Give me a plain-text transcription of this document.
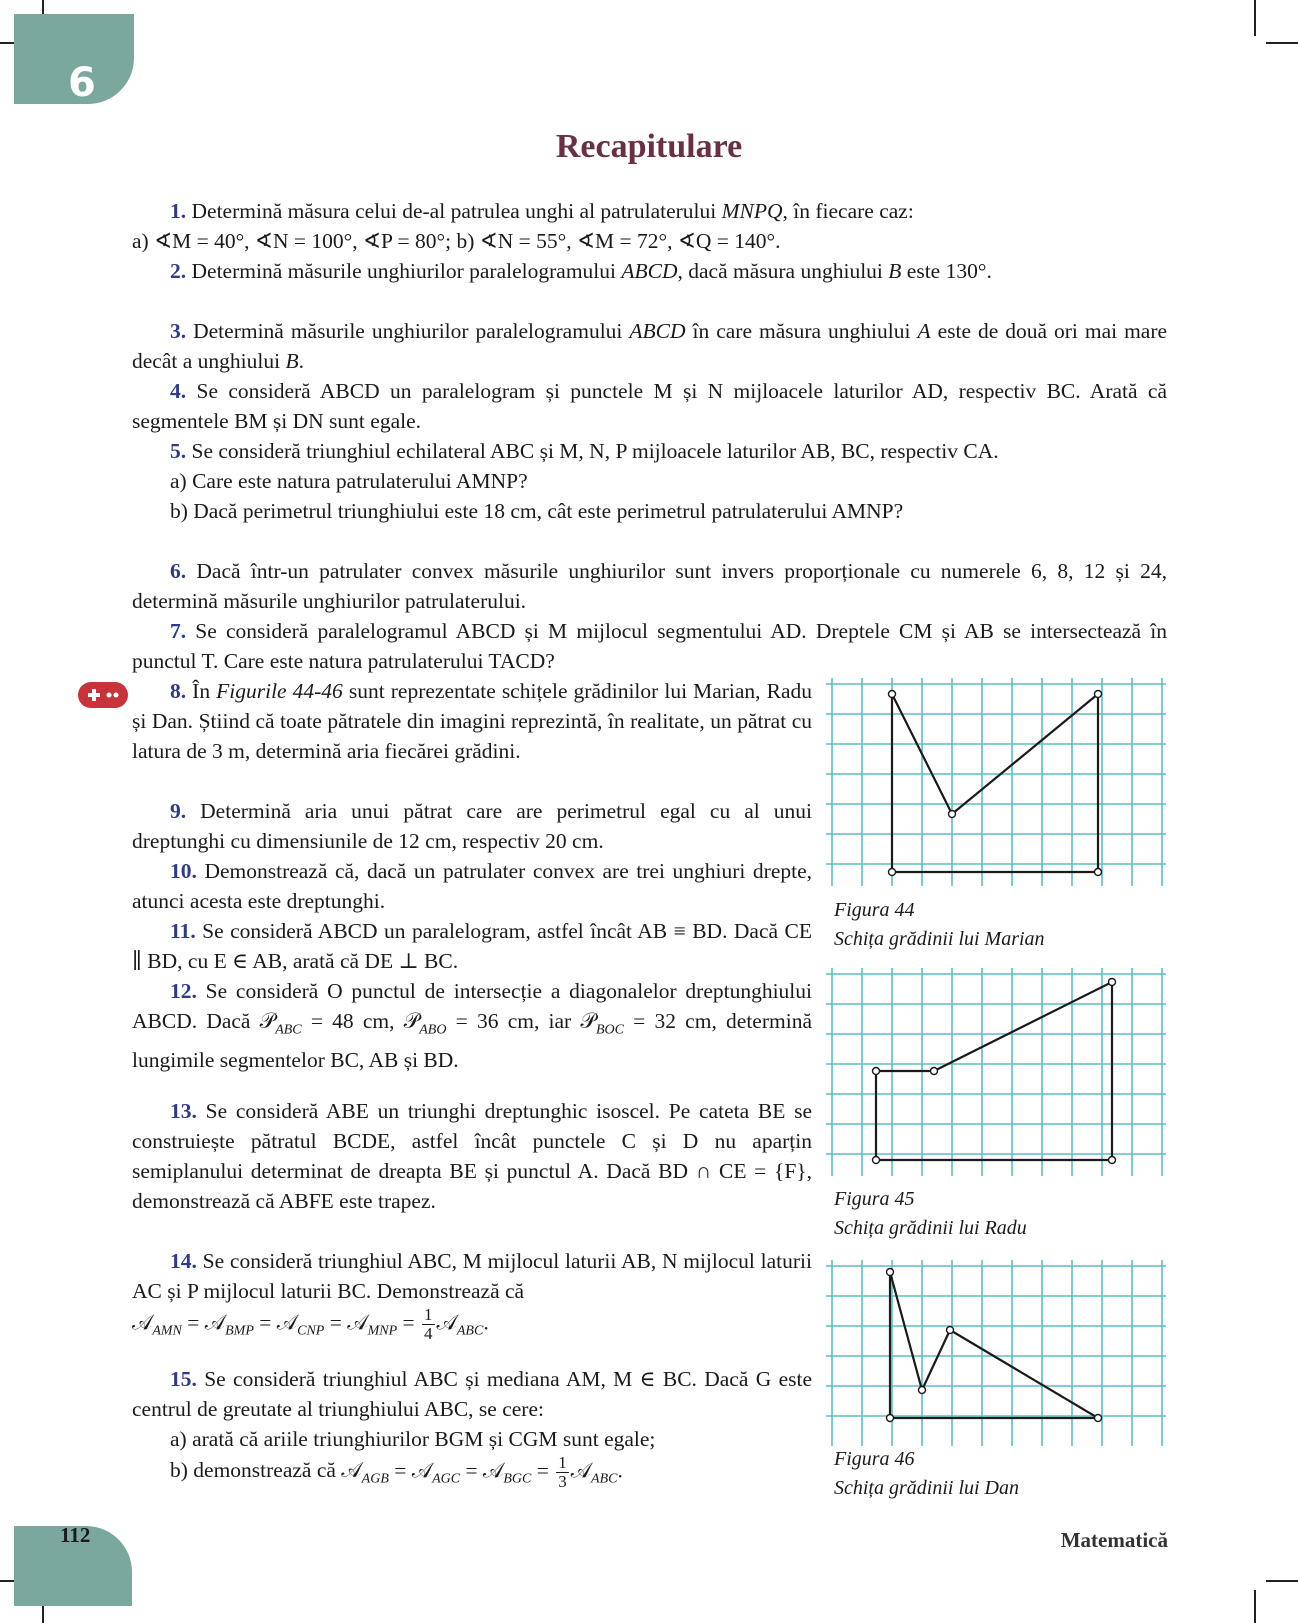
6
Recapitulare
1. Determină măsura celui de-al patrulea unghi al patrulaterului MNPQ, în fiecare caz:
a) ∢M = 40°, ∢N = 100°, ∢P = 80°; b) ∢N = 55°, ∢M = 72°, ∢Q = 140°.
2. Determină măsurile unghiurilor paralelogramului ABCD, dacă măsura unghiului B este 130°.
3. Determină măsurile unghiurilor paralelogramului ABCD în care măsura unghiului A este de două ori mai mare decât a unghiului B.
4. Se consideră ABCD un paralelogram și punctele M și N mijloacele laturilor AD, respectiv BC. Arată că segmentele BM și DN sunt egale.
5. Se consideră triunghiul echilateral ABC și M, N, P mijloacele laturilor AB, BC, respectiv CA.
a) Care este natura patrulaterului AMNP?
b) Dacă perimetrul triunghiului este 18 cm, cât este perimetrul patrulaterului AMNP?
6. Dacă într-un patrulater convex măsurile unghiurilor sunt invers proporționale cu numerele 6, 8, 12 și 24, determină măsurile unghiurilor patrulaterului.
7. Se consideră paralelogramul ABCD și M mijlocul segmentului AD. Dreptele CM și AB se intersectează în punctul T. Care este natura patrulaterului TACD?
8. În Figurile 44-46 sunt reprezentate schițele grădinilor lui Marian, Radu și Dan. Știind că toate pătratele din imagini reprezintă, în realitate, un pătrat cu latura de 3 m, determină aria fiecărei grădini.
9. Determină aria unui pătrat care are perimetrul egal cu al unui dreptunghi cu dimensiunile de 12 cm, respectiv 20 cm.
10. Demonstrează că, dacă un patrulater convex are trei unghiuri drepte, atunci acesta este dreptunghi.
11. Se consideră ABCD un paralelogram, astfel încât AB ≡ BD. Dacă CE ∥ BD, cu E ∈ AB, arată că DE ⊥ BC.
12. Se consideră O punctul de intersecție a diagonalelor dreptunghiului ABCD. Dacă 𝒫$_{ABC}$ = 48 cm, 𝒫$_{ABO}$ = 36 cm, iar 𝒫$_{BOC}$ = 32 cm, determină lungimile segmentelor BC, AB și BD.
13. Se consideră ABE un triunghi dreptunghic isoscel. Pe cateta BE se construiește pătratul BCDE, astfel încât punctele C și D nu aparțin semiplanului determinat de dreapta BE și punctul A. Dacă BD ∩ CE = {F}, demonstrează că ABFE este trapez.
14. Se consideră triunghiul ABC, M mijlocul laturii AB, N mijlocul laturii AC și P mijlocul laturii BC. Demonstrează că
𝒜$_{AMN}$ = 𝒜$_{BMP}$ = 𝒜$_{CNP}$ = 𝒜$_{MNP}$ = $\frac{1}{4}$ 𝒜$_{ABC}$.
15. Se consideră triunghiul ABC și mediana AM, M ∈ BC. Dacă G este centrul de greutate al triunghiului ABC, se cere:
a) arată că ariile triunghiurilor BGM și CGM sunt egale;
b) demonstrează că 𝒜$_{AGB}$ = 𝒜$_{AGC}$ = 𝒜$_{BGC}$ = $\frac{1}{3}$ 𝒜$_{ABC}$.
Figura 44
Schița grădinii lui Marian
Figura 45
Schița grădinii lui Radu
Figura 46
Schița grădinii lui Dan
112	Matematică
